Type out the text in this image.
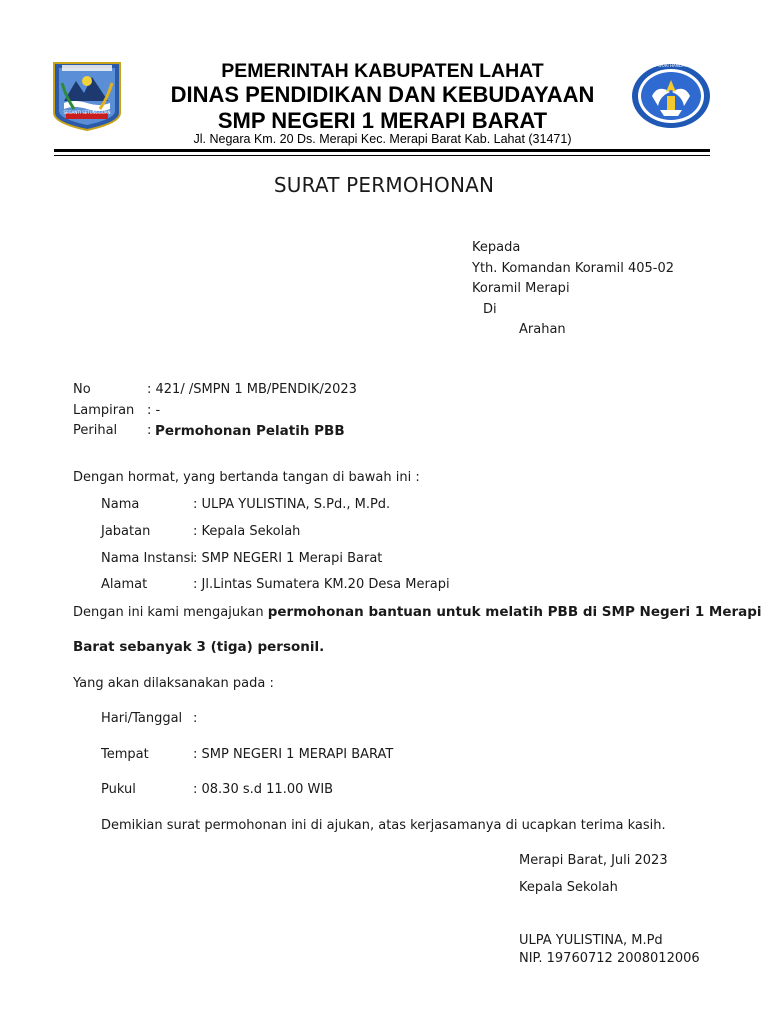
SEGANTI SETUNGGUAN
PEMERINTAH KABUPATEN LAHAT
DINAS PENDIDIKAN DAN KEBUDAYAAN
SMP NEGERI 1 MERAPI BARAT
Jl. Negara Km. 20 Ds. Merapi Kec. Merapi Barat Kab. Lahat (31471)
TUT WURI HANDAYANI
SURAT PERMOHONAN
Kepada
Yth. Komandan Koramil 405-02
Koramil Merapi
Di
Arahan
No	: 421/ /SMPN 1 MB/PENDIK/2023
Lampiran : -
Perihal : Permohonan Pelatih PBB
Dengan hormat, yang bertanda tangan di bawah ini :
Nama	: ULPA YULISTINA, S.Pd., M.Pd.
Jabatan	: Kepala Sekolah
Nama Instansi : SMP NEGERI 1 Merapi Barat
Alamat	: Jl.Lintas Sumatera KM.20 Desa Merapi
Dengan ini kami mengajukan permohonan bantuan untuk melatih PBB di SMP Negeri 1 Merapi
Barat sebanyak 3 (tiga) personil.
Yang akan dilaksanakan pada :
Hari/Tanggal :
Tempat	: SMP NEGERI 1 MERAPI BARAT
Pukul	: 08.30 s.d 11.00 WIB
Demikian surat permohonan ini di ajukan, atas kerjasamanya di ucapkan terima kasih.
Merapi Barat, Juli 2023
Kepala Sekolah
ULPA YULISTINA, M.Pd
NIP. 19760712 2008012006
